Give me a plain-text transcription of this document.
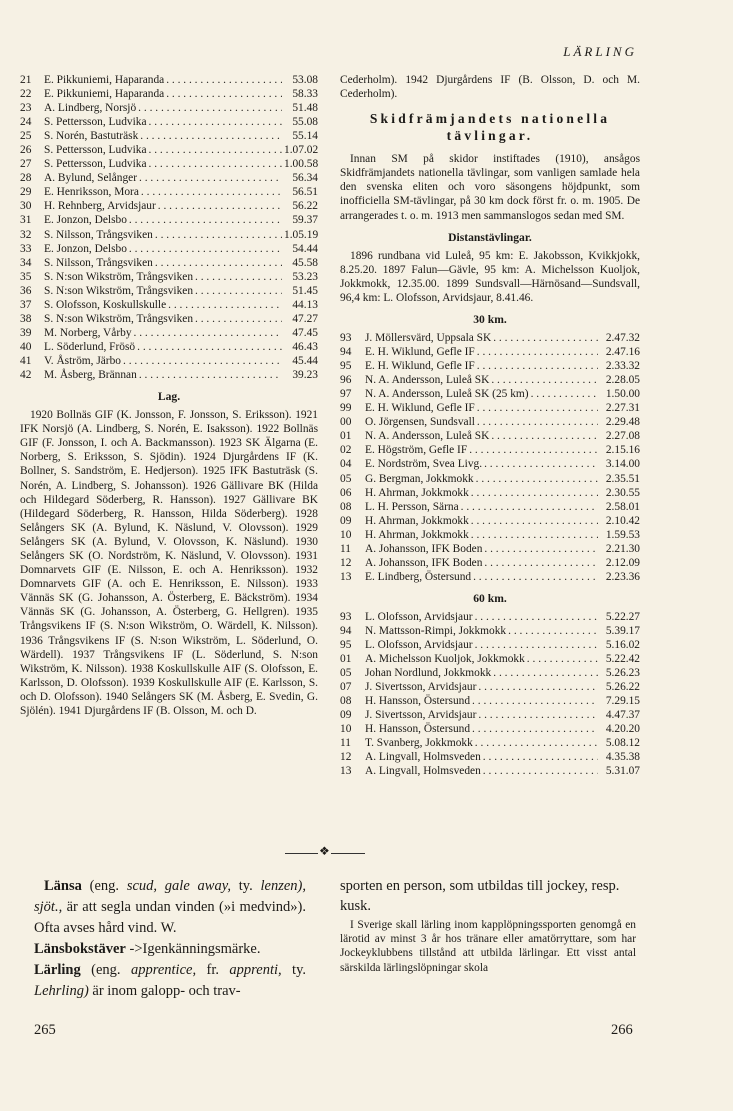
LÄRLING
21	E. Pikkuniemi, Haparanda . . .	53.08
22	E. Pikkuniemi, Haparanda . . .	58.33
23	A. Lindberg, Norsjö . . .	51.48
24	S. Pettersson, Ludvika . . .	55.08
25	S. Norén, Bastuträsk . . .	55.14
26	S. Pettersson, Ludvika . . .	1.07.02
27	S. Pettersson, Ludvika . . .	1.00.58
28	A. Bylund, Selånger . . .	56.34
29	E. Henriksson, Mora . . .	56.51
30	H. Rehnberg, Arvidsjaur . . .	56.22
31	E. Jonzon, Delsbo . . .	59.37
32	S. Nilsson, Trångsviken . . .	1.05.19
33	E. Jonzon, Delsbo . . .	54.44
34	S. Nilsson, Trångsviken . . .	45.58
35	S. N:son Wikström, Trångsviken . . .	53.23
36	S. N:son Wikström, Trångsviken . . .	51.45
37	S. Olofsson, Koskullskulle . . .	44.13
38	S. N:son Wikström, Trångsviken . . .	47.27
39	M. Norberg, Vårby . . .	47.45
40	L. Söderlund, Frösö . . .	46.43
41	V. Åström, Järbo . . .	45.44
42	M. Åsberg, Brännan . . .	39.23
Lag.

1920 Bollnäs GIF (K. Jonsson, F. Jonsson, S. Eriksson). 1921 IFK Norsjö (A. Lindberg, S. Norén, E. Isaksson). 1922 Bollnäs GIF (F. Jonsson, I. och A. Backmansson). 1923 SK Älgarna (E. Norberg, S. Eriksson, S. Sjödin). 1924 Djurgårdens IF (K. Bollner, S. Sandström, E. Hedjerson). 1925 IFK Bastuträsk (S. Norén, A. Lindberg, S. Johansson). 1926 Gällivare BK (Hilda och Hildegard Söderberg, R. Hansson). 1927 Gällivare BK (Hildegard Söderberg, R. Hansson, Hilda Söderberg). 1928 Selångers SK (A. Bylund, K. Näslund, V. Olovsson). 1929 Selångers SK (A. Bylund, V. Olovsson, K. Näslund). 1930 Selångers SK (O. Nordström, K. Näslund, V. Olovsson). 1931 Domnarvets GIF (E. Nilsson, E. och A. Henriksson). 1932 Domnarvets GIF (A. och E. Henriksson, E. Nilsson). 1933 Vännäs SK (G. Johansson, A. Österberg, E. Bäckström). 1934 Vännäs SK (G. Johansson, A. Österberg, G. Hellgren). 1935 Trångsvikens IF (S. N:son Wikström, O. Wärdell, K. Nilsson). 1936 Trångsvikens IF (S. N:son Wikström, L. Söderlund, O. Wärdell). 1937 Trångsvikens IF (L. Söderlund, S. N:son Wikström, K. Nilsson). 1938 Koskullskulle AIF (S. Olofsson, E. Karlsson, D. Olofsson). 1939 Koskullskulle AIF (E. Karlsson, S. och D. Olofsson). 1940 Selångers SK (M. Åsberg, E. Svedin, G. Sjölén). 1941 Djurgårdens IF (B. Olsson, M. och D.

Cederholm). 1942 Djurgårdens IF (B. Olsson, D. och M. Cederholm).

Skidfrämjandets nationella tävlingar.

Innan SM på skidor instiftades (1910), ansågos Skidfrämjandets nationella tävlingar, som vanligen samlade hela den svenska eliten och voro säsongens höjdpunkt, som inofficiella SM-tävlingar, på 30 km dock först fr. o. m. 1905. De arrangerades t. o. m. 1913 men sammanslogos sedan med SM.

Distanstävlingar.

1896 rundbana vid Luleå, 95 km: E. Jakobsson, Kvikkjokk, 8.25.20. 1897 Falun—Gävle, 95 km: A. Michelsson Kuoljok, Jokkmokk, 12.35.00. 1899 Sundsvall—Härnösand—Sundsvall, 96,4 km: L. Olofsson, Arvidsjaur, 8.41.46.

30 km.
93	J. Möllersvärd, Uppsala SK . . .	2.47.32
94	E. H. Wiklund, Gefle IF . . .	2.47.16
95	E. H. Wiklund, Gefle IF . . .	2.33.32
96	N. A. Andersson, Luleå SK . . .	2.28.05
97	N. A. Andersson, Luleå SK (25 km) . . .	1.50.00
99	E. H. Wiklund, Gefle IF . . .	2.27.31
00	O. Jörgensen, Sundsvall . . .	2.29.48
01	N. A. Andersson, Luleå SK . . .	2.27.08
02	E. Högström, Gefle IF . . .	2.15.16
04	E. Nordström, Svea Livg. . . .	3.14.00
05	G. Bergman, Jokkmokk . . .	2.35.51
06	H. Ahrman, Jokkmokk . . .	2.30.55
08	L. H. Persson, Särna . . .	2.58.01
09	H. Ahrman, Jokkmokk . . .	2.10.42
10	H. Ahrman, Jokkmokk . . .	1.59.53
11	A. Johansson, IFK Boden . . .	2.21.30
12	A. Johansson, IFK Boden . . .	2.12.09
13	E. Lindberg, Östersund . . .	2.23.36
60 km.
93	L. Olofsson, Arvidsjaur . . .	5.22.27
94	N. Mattsson-Rimpi, Jokkmokk . . .	5.39.17
95	L. Olofsson, Arvidsjaur . . .	5.16.02
01	A. Michelsson Kuoljok, Jokkmokk . . .	5.22.42
05	Johan Nordlund, Jokkmokk . . .	5.26.23
07	J. Sivertsson, Arvidsjaur . . .	5.26.22
08	H. Hansson, Östersund . . .	7.29.15
09	J. Sivertsson, Arvidsjaur . . .	4.47.37
10	H. Hansson, Östersund . . .	4.20.20
11	T. Svanberg, Jokkmokk . . .	5.08.12
12	A. Lingvall, Holmsveden . . .	4.35.38
13	A. Lingvall, Holmsveden . . .	5.31.07
❖
Länsa (eng. scud, gale away, ty. lenzen), sjöt., är att segla undan vinden (»i medvind»). Ofta avses hård vind. W.
Länsbokstäver ->Igenkänningsmärke.
Lärling (eng. apprentice, fr. apprenti, ty. Lehrling) är inom galopp- och trav-

sporten en person, som utbildas till jockey, resp. kusk.

I Sverige skall lärling inom kapplöpningssporten genomgå en lärotid av minst 3 år hos tränare eller amatörryttare, som har Jockeyklubbens tillstånd att utbilda lärlingar. Ett visst antal särskilda lärlingslöpningar skola

265	266
